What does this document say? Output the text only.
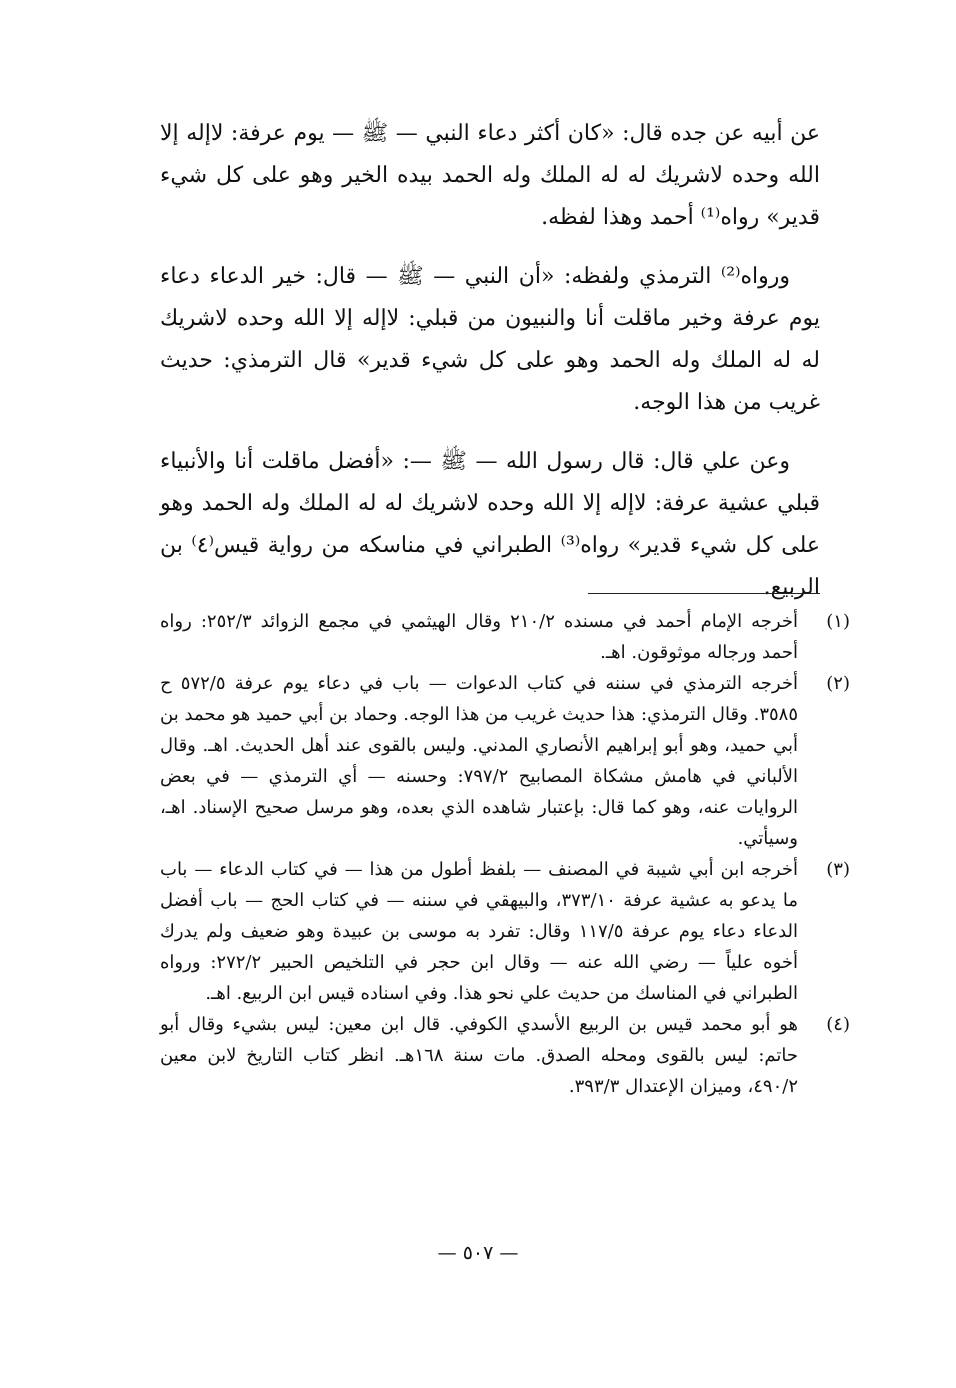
عن أبيه عن جده قال: «كان أكثر دعاء النبي — ﷺ — يوم عرفة: لاإله إلا الله وحده لاشريك له له الملك وله الحمد بيده الخير وهو على كل شيء قدير» رواه⁽¹⁾ أحمد وهذا لفظه.

ورواه⁽²⁾ الترمذي ولفظه: «أن النبي — ﷺ — قال: خير الدعاء دعاء يوم عرفة وخير ماقلت أنا والنبيون من قبلي: لاإله إلا الله وحده لاشريك له له الملك وله الحمد وهو على كل شيء قدير» قال الترمذي: حديث غريب من هذا الوجه.

وعن علي قال: قال رسول الله — ﷺ —: «أفضل ماقلت أنا والأنبياء قبلي عشية عرفة: لاإله إلا الله وحده لاشريك له له الملك وله الحمد وهو على كل شيء قدير» رواه⁽³⁾ الطبراني في مناسكه من رواية قيس⁽٤⁾ بن الربيع.

(١)
أخرجه الإمام أحمد في مسنده ٢١٠/٢ وقال الهيثمي في مجمع الزوائد ٢٥٢/٣: رواه أحمد ورجاله موثوقون. اهـ.
(٢)
أخرجه الترمذي في سننه في كتاب الدعوات — باب في دعاء يوم عرفة ٥٧٢/٥ ح ٣٥٨٥. وقال الترمذي: هذا حديث غريب من هذا الوجه. وحماد بن أبي حميد هو محمد بن أبي حميد، وهو أبو إبراهيم الأنصاري المدني. وليس بالقوى عند أهل الحديث. اهـ. وقال الألباني في هامش مشكاة المصابيح ٧٩٧/٢: وحسنه — أي الترمذي — في بعض الروايات عنه، وهو كما قال: بإعتبار شاهده الذي بعده، وهو مرسل صحيح الإسناد. اهـ، وسيأتي.
(٣)
أخرجه ابن أبي شيبة في المصنف — بلفظ أطول من هذا — في كتاب الدعاء — باب ما يدعو به عشية عرفة ٣٧٣/١٠، والبيهقي في سننه — في كتاب الحج — باب أفضل الدعاء دعاء يوم عرفة ١١٧/٥ وقال: تفرد به موسى بن عبيدة وهو ضعيف ولم يدرك أخوه علياً — رضي الله عنه — وقال ابن حجر في التلخيص الحبير ٢٧٢/٢: ورواه الطبراني في المناسك من حديث علي نحو هذا. وفي اسناده قيس ابن الربيع. اهـ.
(٤)
هو أبو محمد قيس بن الربيع الأسدي الكوفي. قال ابن معين: ليس بشيء وقال أبو حاتم: ليس بالقوى ومحله الصدق. مات سنة ١٦٨هـ. انظر كتاب التاريخ لابن معين ٤٩٠/٢، وميزان الإعتدال ٣٩٣/٣.
— ٥٠٧ —
